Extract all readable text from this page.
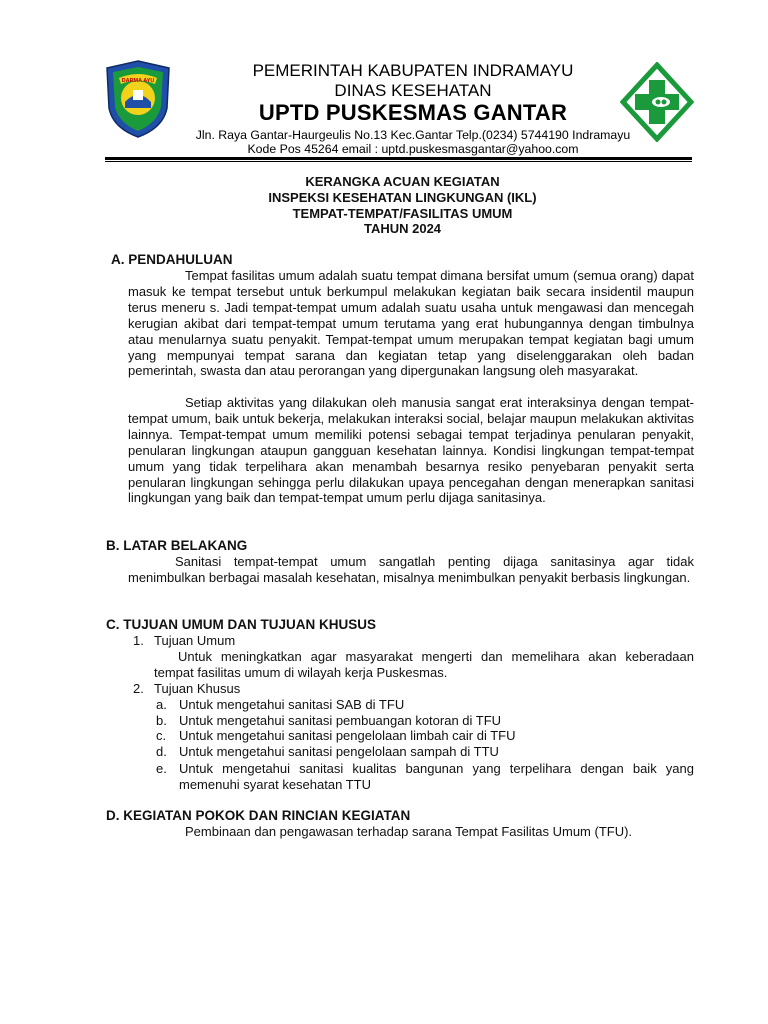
DARMA AYU
PEMERINTAH KABUPATEN INDRAMAYU
DINAS KESEHATAN
UPTD PUSKESMAS GANTAR
Jln. Raya Gantar-Haurgeulis No.13 Kec.Gantar Telp.(0234) 5744190 Indramayu
Kode Pos 45264 email : uptd.puskesmasgantar@yahoo.com
KERANGKA ACUAN KEGIATAN
INSPEKSI KESEHATAN LINGKUNGAN (IKL)
TEMPAT-TEMPAT/FASILITAS UMUM
TAHUN 2024
A. PENDAHULUAN
Tempat fasilitas umum adalah suatu tempat dimana bersifat umum (semua orang) dapat masuk ke tempat tersebut untuk berkumpul melakukan kegiatan baik secara insidentil maupun terus meneru s. Jadi tempat-tempat umum adalah suatu usaha untuk mengawasi dan mencegah kerugian akibat dari tempat-tempat umum terutama yang erat hubungannya dengan timbulnya atau menularnya suatu penyakit. Tempat-tempat umum merupakan tempat kegiatan bagi umum yang mempunyai tempat sarana dan kegiatan tetap yang diselenggarakan oleh badan pemerintah, swasta dan atau perorangan yang dipergunakan langsung oleh masyarakat.
Setiap aktivitas yang dilakukan oleh manusia sangat erat interaksinya dengan tempat-tempat umum, baik untuk bekerja, melakukan interaksi social, belajar maupun melakukan aktivitas lainnya. Tempat-tempat umum memiliki potensi sebagai tempat terjadinya penularan penyakit, penularan lingkungan ataupun gangguan kesehatan lainnya. Kondisi lingkungan tempat-tempat umum yang tidak terpelihara akan menambah besarnya resiko penyebaran penyakit serta penularan lingkungan sehingga perlu dilakukan upaya pencegahan dengan menerapkan sanitasi lingkungan yang baik dan tempat-tempat umum perlu dijaga sanitasinya.
B. LATAR BELAKANG
Sanitasi tempat-tempat umum sangatlah penting dijaga sanitasinya agar tidak menimbulkan berbagai masalah kesehatan, misalnya menimbulkan penyakit berbasis lingkungan.
C. TUJUAN UMUM DAN TUJUAN KHUSUS
1. Tujuan Umum
Untuk meningkatkan agar masyarakat mengerti dan memelihara akan keberadaan tempat fasilitas umum di wilayah kerja Puskesmas.
2. Tujuan Khusus
a. Untuk mengetahui sanitasi SAB di TFU
b. Untuk mengetahui sanitasi pembuangan kotoran di TFU
c. Untuk mengetahui sanitasi pengelolaan limbah cair di TFU
d. Untuk mengetahui sanitasi pengelolaan sampah di TTU
e. Untuk mengetahui sanitasi kualitas bangunan yang terpelihara dengan baik yang memenuhi syarat kesehatan TTU
D. KEGIATAN POKOK DAN RINCIAN KEGIATAN
Pembinaan dan pengawasan terhadap sarana Tempat Fasilitas Umum (TFU).
